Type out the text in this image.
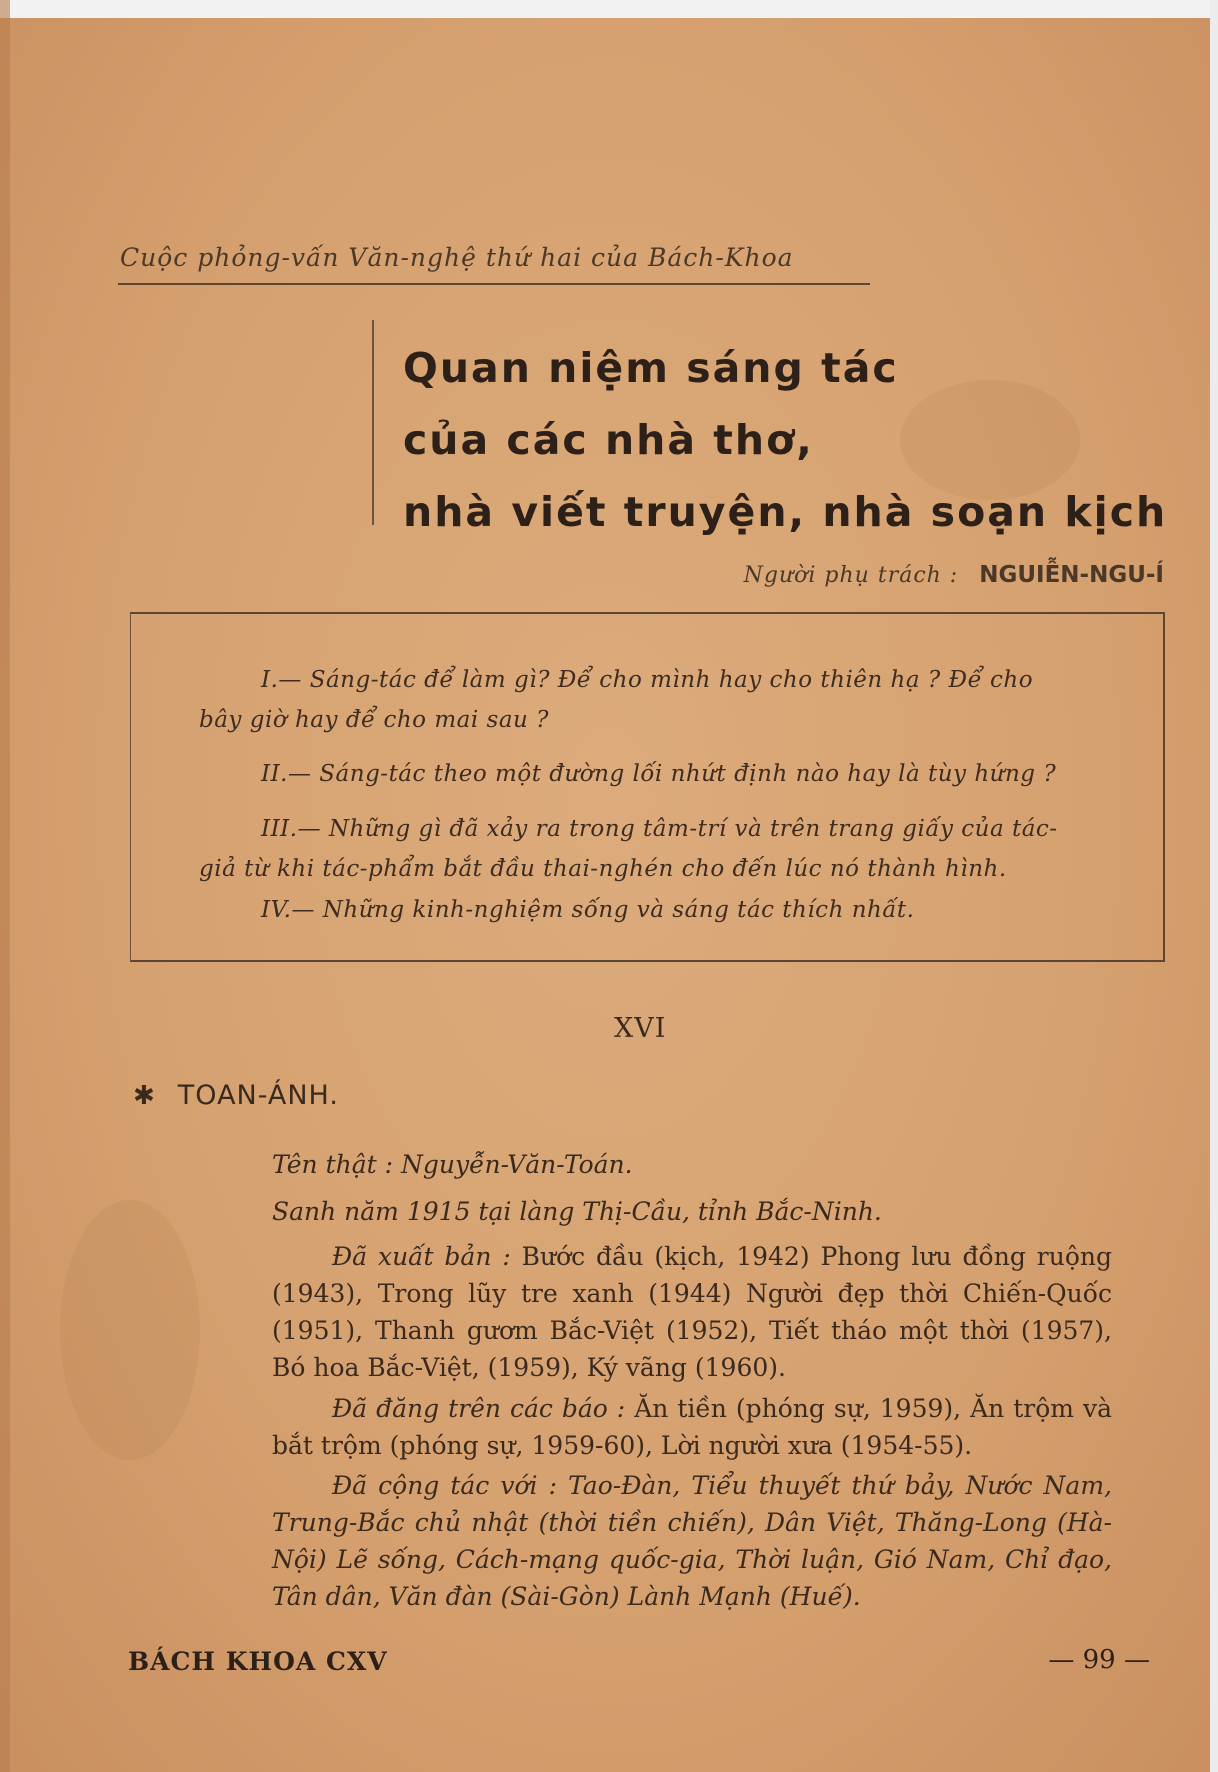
Cuộc phỏng-vấn Văn-nghệ thứ hai của Bách-Khoa
Quan niệm sáng tác
của các nhà thơ,
nhà viết truyện, nhà soạn kịch
Người phụ trách : NGUIỄN-NGU-Í
I.— Sáng-tác để làm gì? Để cho mình hay cho thiên hạ ? Để cho
bây giờ hay để cho mai sau ?
II.— Sáng-tác theo một đường lối nhứt định nào hay là tùy hứng ?
III.— Những gì đã xảy ra trong tâm-trí và trên trang giấy của tác-
giả từ khi tác-phẩm bắt đầu thai-nghén cho đến lúc nó thành hình.
IV.— Những kinh-nghiệm sống và sáng tác thích nhất.
XVI
✱ TOAN-ÁNH.
Tên thật : Nguyễn-Văn-Toán.
Sanh năm 1915 tại làng Thị-Cầu, tỉnh Bắc-Ninh.
Đã xuất bản : Bước đầu (kịch, 1942) Phong lưu đồng ruộng (1943), Trong lũy tre xanh (1944) Người đẹp thời Chiến-Quốc (1951), Thanh gươm Bắc-Việt (1952), Tiết tháo một thời (1957), Bó hoa Bắc-Việt, (1959), Ký vãng (1960).
Đã đăng trên các báo : Ăn tiền (phóng sự, 1959), Ăn trộm và bắt trộm (phóng sự, 1959-60), Lời người xưa (1954-55).
Đã cộng tác với : Tao-Đàn, Tiểu thuyết thứ bảy, Nước Nam, Trung-Bắc chủ nhật (thời tiền chiến), Dân Việt, Thăng-Long (Hà-Nội) Lẽ sống, Cách-mạng quốc-gia, Thời luận, Gió Nam, Chỉ đạo, Tân dân, Văn đàn (Sài-Gòn) Lành Mạnh (Huế).
BÁCH KHOA CXV	— 99 —
